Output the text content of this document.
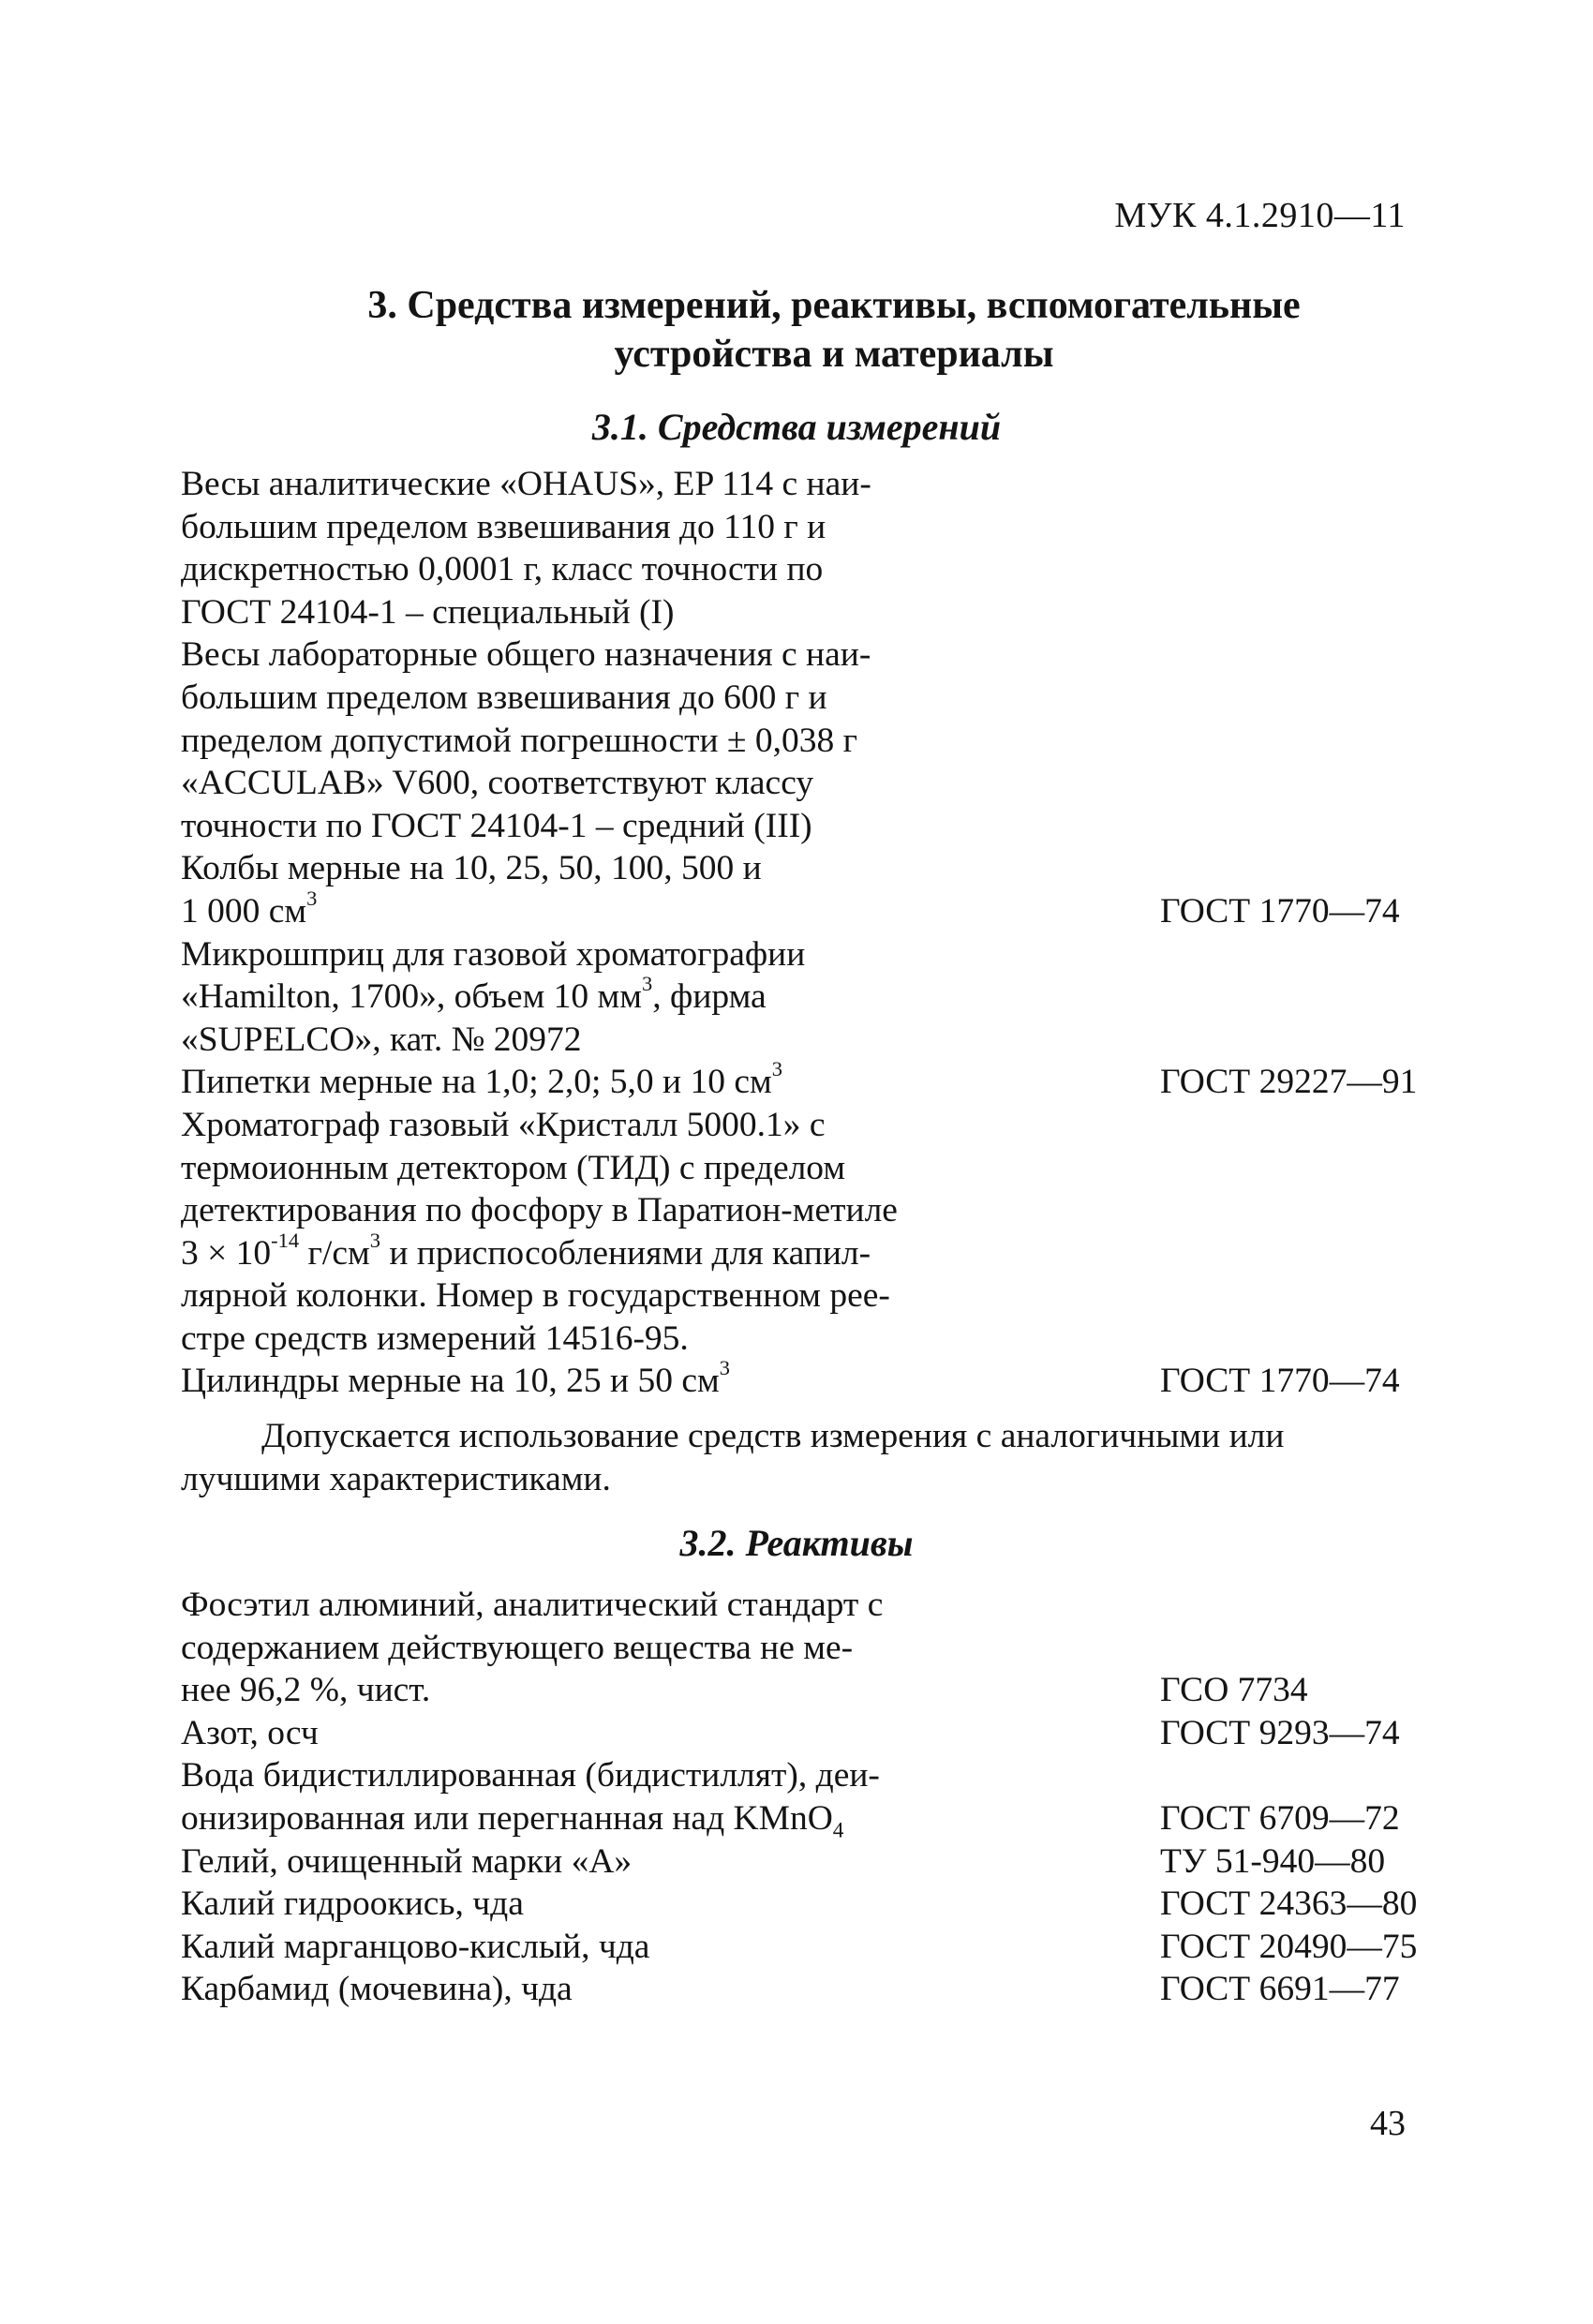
МУК 4.1.2910—11
3. Средства измерений, реактивы, вспомогательные
устройства и материалы
3.1. Средства измерений
Весы аналитические «OHAUS», EP 114 с наи-
большим пределом взвешивания до 110 г и
дискретностью 0,0001 г, класс точности по
ГОСТ 24104-1 – специальный (I)
Весы лабораторные общего назначения с наи-
большим пределом взвешивания до 600 г и
пределом допустимой погрешности ± 0,038 г
«ACCULAB» V600, соответствуют классу
точности по ГОСТ 24104-1 – средний (III)
Колбы мерные на 10, 25, 50, 100, 500 и
1 000 $см^3$	ГОСТ 1770—74
Микрошприц для газовой хроматографии
«Hamilton, 1700», объем 10 $мм^3$, фирма
«SUPELCO», кат. № 20972
Пипетки мерные на 1,0; 2,0; 5,0 и 10 $см^3$	ГОСТ 29227—91
Хроматограф газовый «Кристалл 5000.1» с
термоионным детектором (ТИД) с пределом
детектирования по фосфору в Паратион-метиле
$3 \times 10^{-14}$ $г/см^3$ и приспособлениями для капил-
лярной колонки. Номер в государственном рее-
стре средств измерений 14516-95.
Цилиндры мерные на 10, 25 и 50 $см^3$	ГОСТ 1770—74
Допускается использование средств измерения с аналогичными или
лучшими характеристиками.
3.2. Реактивы
Фосэтил алюминий, аналитический стандарт с
содержанием действующего вещества не ме-
нее 96,2 %, чист.	ГСО 7734
Азот, осч	ГОСТ 9293—74
Вода бидистиллированная (бидистиллят), деи-
онизированная или перегнанная над KMnO$_4$	ГОСТ 6709—72
Гелий, очищенный марки «А»	ТУ 51-940—80
Калий гидроокись, чда	ГОСТ 24363—80
Калий марганцово-кислый, чда	ГОСТ 20490—75
Карбамид (мочевина), чда	ГОСТ 6691—77
43
